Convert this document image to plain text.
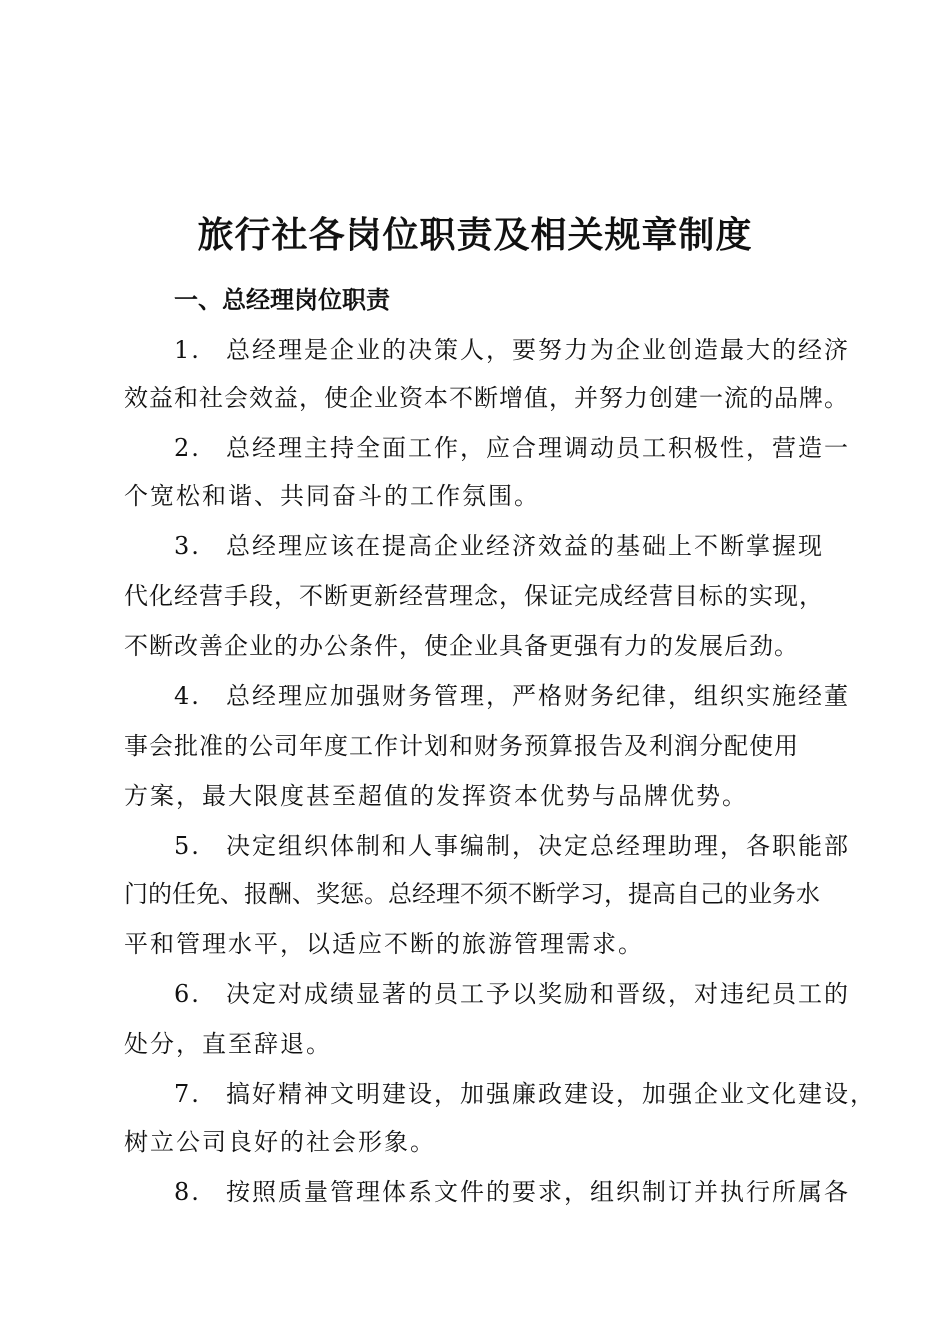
旅行社各岗位职责及相关规章制度
一、总经理岗位职责
1. 总经理是企业的决策人，要努力为企业创造最大的经济
效益和社会效益，使企业资本不断增值，并努力创建一流的品牌。
2. 总经理主持全面工作，应合理调动员工积极性，营造一
个宽松和谐、共同奋斗的工作氛围。
3. 总经理应该在提高企业经济效益的基础上不断掌握现
代化经营手段，不断更新经营理念，保证完成经营目标的实现，
不断改善企业的办公条件，使企业具备更强有力的发展后劲。
4. 总经理应加强财务管理，严格财务纪律，组织实施经董
事会批准的公司年度工作计划和财务预算报告及利润分配使用
方案，最大限度甚至超值的发挥资本优势与品牌优势。
5. 决定组织体制和人事编制，决定总经理助理，各职能部
门的任免、报酬、奖惩。总经理不须不断学习，提高自己的业务水
平和管理水平，以适应不断的旅游管理需求。
6. 决定对成绩显著的员工予以奖励和晋级，对违纪员工的
处分，直至辞退。
7. 搞好精神文明建设，加强廉政建设，加强企业文化建设，
树立公司良好的社会形象。
8. 按照质量管理体系文件的要求，组织制订并执行所属各
